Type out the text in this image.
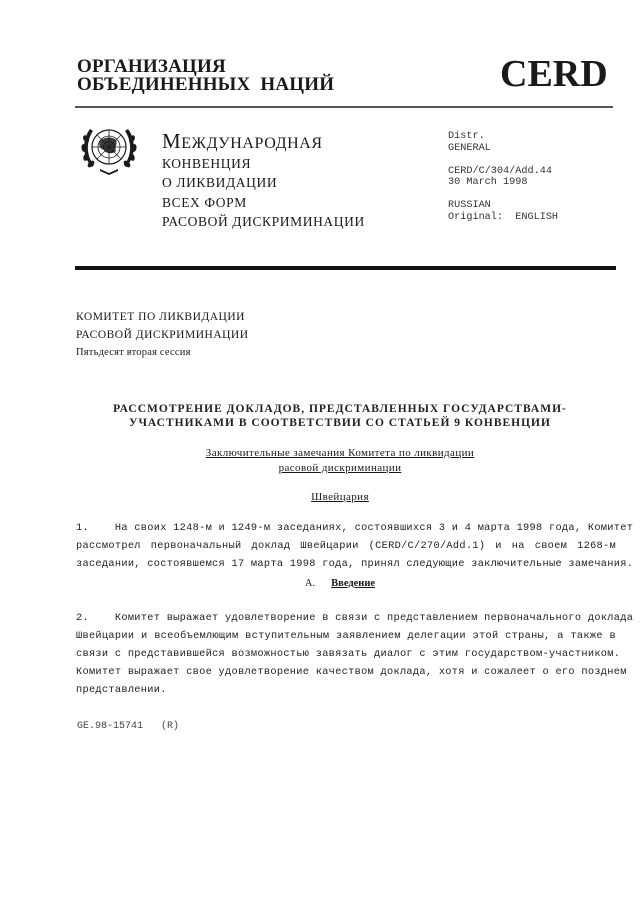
ОРГАНИЗАЦИЯ
ОБЪЕДИНЕННЫХ  НАЦИЙ	CERD
МЕЖДУНАРОДНАЯ
КОНВЕНЦИЯ
О ЛИКВИДАЦИИ
ВСЕХ ФОРМ
РАСОВОЙ ДИСКРИМИНАЦИИ
Distr.
GENERAL
CERD/C/304/Add.44
30 March 1998
RUSSIAN
Original:  ENGLISH
КОМИТЕТ ПО ЛИКВИДАЦИИ
РАСОВОЙ ДИСКРИМИНАЦИИ
Пятьдесят вторая сессия
РАССМОТРЕНИЕ ДОКЛАДОВ, ПРЕДСТАВЛЕННЫХ ГОСУДАРСТВАМИ-
УЧАСТНИКАМИ В СООТВЕТСТВИИ СО СТАТЬЕЙ 9 КОНВЕНЦИИ
Заключительные замечания Комитета по ликвидации
расовой дискриминации
Швейцария
1.    На своих 1248-м и 1249-м заседаниях, состоявшихся 3 и 4 марта 1998 года, Комитет
рассмотрел первоначальный доклад Швейцарии (CERD/C/270/Add.1) и на своем 1268-м
заседании, состоявшемся 17 марта 1998 года, принял следующие заключительные замечания.
A. Введение
2.    Комитет выражает удовлетворение в связи с представлением первоначального доклада
Швейцарии и всеобъемлющим вступительным заявлением делегации этой страны, а также в
связи с представившейся возможностью завязать диалог с этим государством-участником.
Комитет выражает свое удовлетворение качеством доклада, хотя и сожалеет о его позднем
представлении.
GE.98-15741   (R)
